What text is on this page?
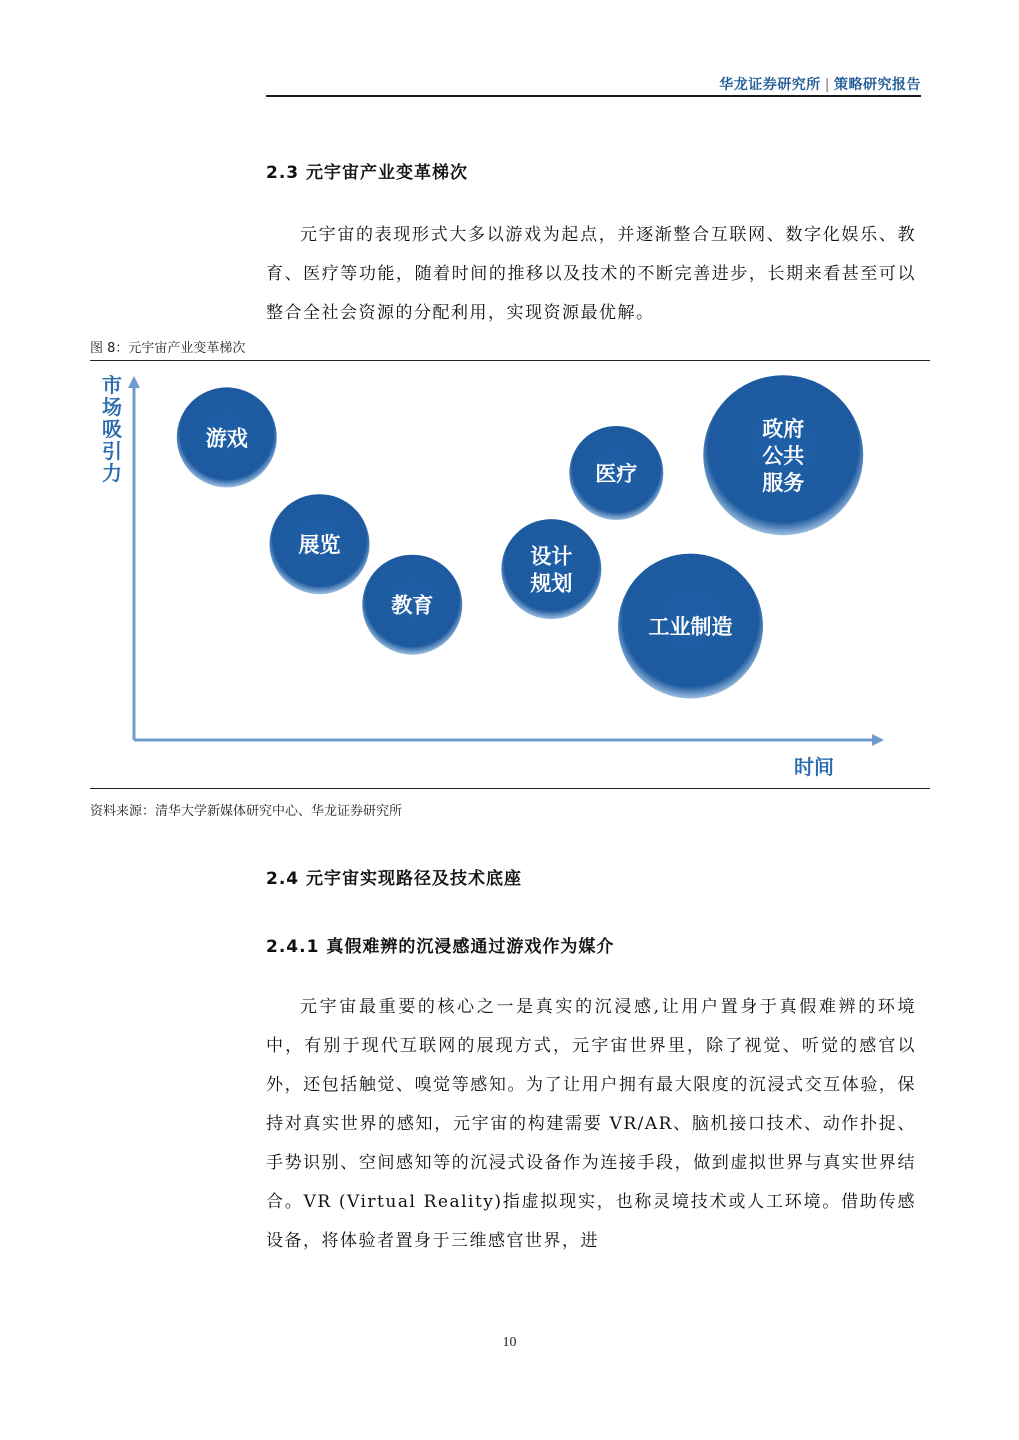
华龙证券研究所 | 策略研究报告
2.3 元宇宙产业变革梯次

元宇宙的表现形式大多以游戏为起点，并逐渐整合互联网、数字化娱乐、教育、医疗等功能，随着时间的推移以及技术的不断完善进步，长期来看甚至可以整合全社会资源的分配利用，实现资源最优解。

图 8：元宇宙产业变革梯次
市
场
吸
引
力
时间
游戏
展览
教育
设计
规划
医疗
工业制造
政府
公共
服务
资料来源：清华大学新媒体研究中心、华龙证券研究所
2.4 元宇宙实现路径及技术底座
2.4.1 真假难辨的沉浸感通过游戏作为媒介

元宇宙最重要的核心之一是真实的沉浸感,让用户置身于真假难辨的环境中，有别于现代互联网的展现方式，元宇宙世界里，除了视觉、听觉的感官以外，还包括触觉、嗅觉等感知。为了让用户拥有最大限度的沉浸式交互体验，保持对真实世界的感知，元宇宙的构建需要 VR/AR、脑机接口技术、动作扑捉、手势识别、空间感知等的沉浸式设备作为连接手段，做到虚拟世界与真实世界结合。VR (Virtual Reality)指虚拟现实，也称灵境技术或人工环境。借助传感设备，将体验者置身于三维感官世界，进

10
